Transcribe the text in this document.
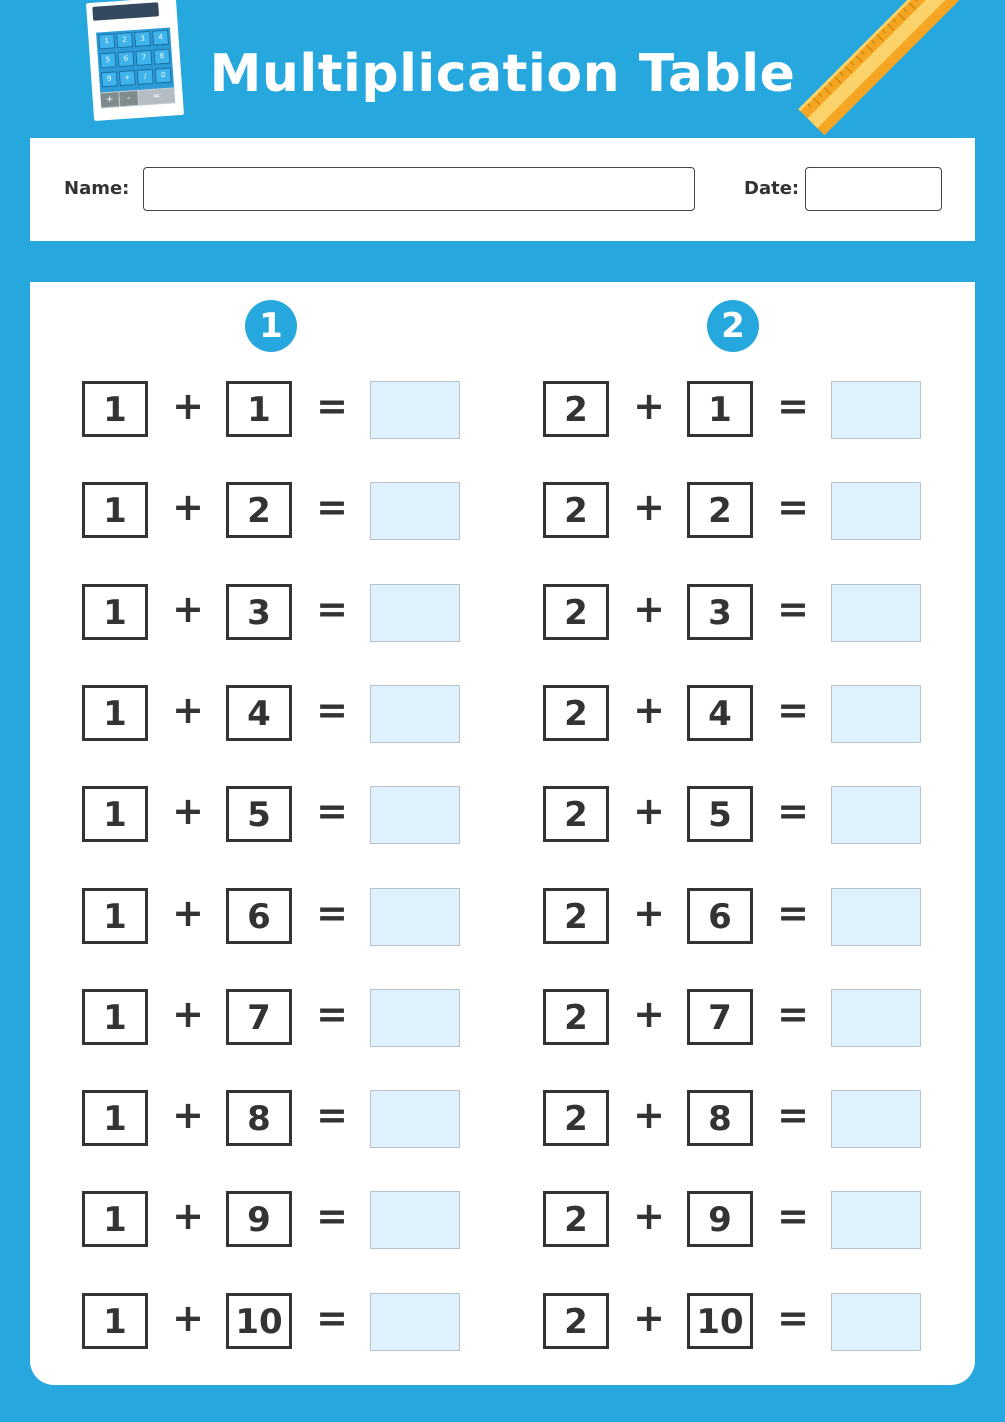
1	2	3	4
5	6	7	8
9	+	/	0
+	-	= Multiplication Table
Name:	Date:
1
1	+	1	=
1	+	2	=
1	+	3	=
1	+	4	=
1	+	5	=
1	+	6	=
1	+	7	=
1	+	8	=
1	+	9	=
1	+ 10 =
2
2	+	1	=
2	+	2	=
2	+	3	=
2	+	4	=
2	+	5	=
2	+	6	=
2	+	7	=
2	+	8	=
2	+	9	=
2	+ 10 =
